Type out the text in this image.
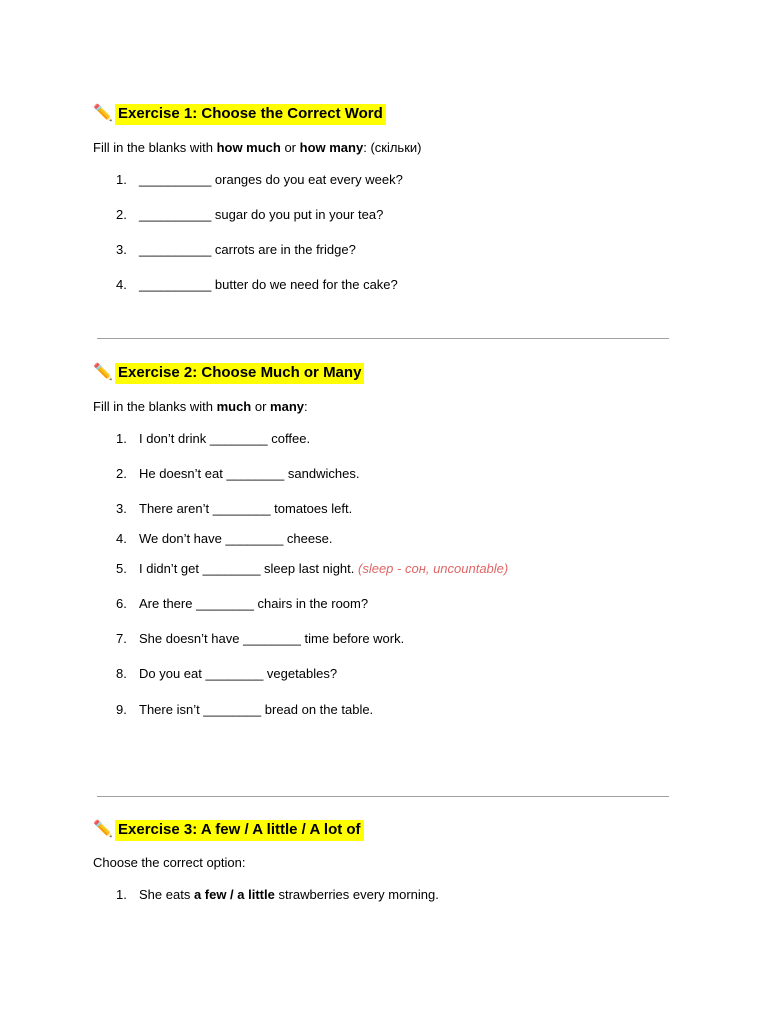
✏️ Exercise 1: Choose the Correct Word
Fill in the blanks with how much or how many: (скільки)
1. __________ oranges do you eat every week?
2. __________ sugar do you put in your tea?
3. __________ carrots are in the fridge?
4. __________ butter do we need for the cake?
✏️ Exercise 2: Choose Much or Many
Fill in the blanks with much or many:
1. I don’t drink ________ coffee.
2. He doesn’t eat ________ sandwiches.
3. There aren’t ________ tomatoes left.
4. We don’t have ________ cheese.
5. I didn’t get ________ sleep last night. (sleep - сон, uncountable)
6. Are there ________ chairs in the room?
7. She doesn’t have ________ time before work.
8. Do you eat ________ vegetables?
9. There isn’t ________ bread on the table.
✏️ Exercise 3: A few / A little / A lot of
Choose the correct option:
1. She eats a few / a little strawberries every morning.
